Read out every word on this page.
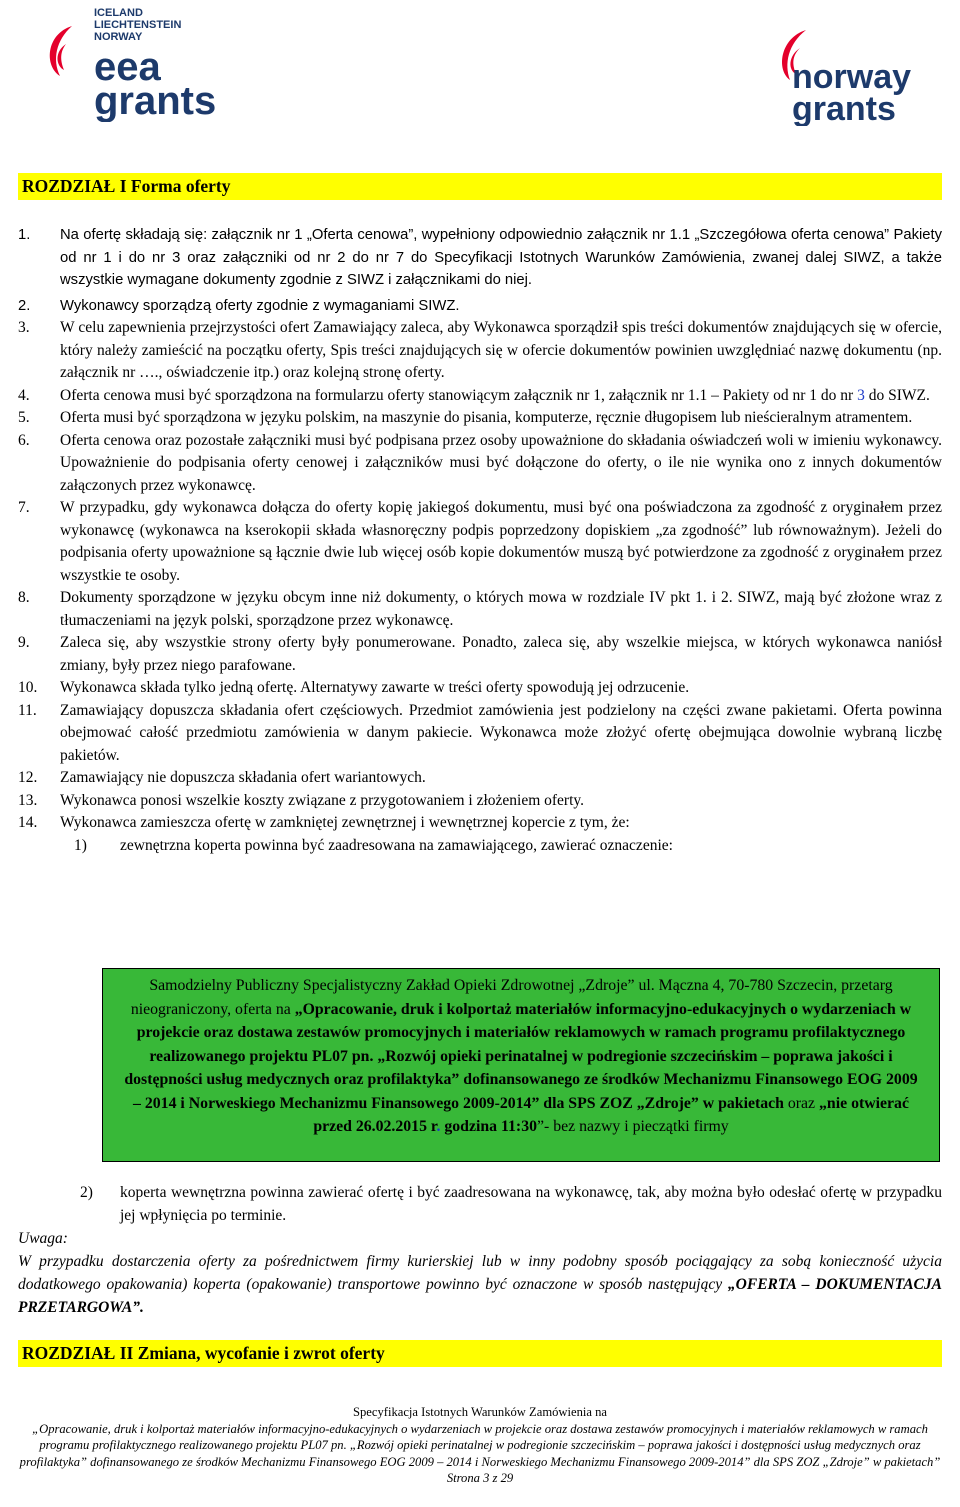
ICELAND
LIECHTENSTEIN
NORWAY
eea
grants
norway
grants
ROZDZIAŁ I Forma oferty
1. Na ofertę składają się: załącznik nr 1 „Oferta cenowa”, wypełniony odpowiednio załącznik nr 1.1 „Szczegółowa oferta cenowa” Pakiety od nr 1 i do nr 3 oraz załączniki od nr 2 do nr 7 do Specyfikacji Istotnych Warunków Zamówienia, zwanej dalej SIWZ, a także wszystkie wymagane dokumenty zgodnie z SIWZ i załącznikami do niej.
2. Wykonawcy sporządzą oferty zgodnie z wymaganiami SIWZ.
3. W celu zapewnienia przejrzystości ofert Zamawiający zaleca, aby Wykonawca sporządził spis treści dokumentów znajdujących się w ofercie, który należy zamieścić na początku oferty, Spis treści znajdujących się w ofercie dokumentów powinien uwzględniać nazwę dokumentu (np. załącznik nr …., oświadczenie itp.) oraz kolejną stronę oferty.
4. Oferta cenowa musi być sporządzona na formularzu oferty stanowiącym załącznik nr 1, załącznik nr 1.1 – Pakiety od nr 1 do nr 3 do SIWZ.
5. Oferta musi być sporządzona w języku polskim, na maszynie do pisania, komputerze, ręcznie długopisem lub nieścieralnym atramentem.
6. Oferta cenowa oraz pozostałe załączniki musi być podpisana przez osoby upoważnione do składania oświadczeń woli w imieniu wykonawcy. Upoważnienie do podpisania oferty cenowej i załączników musi być dołączone do oferty, o ile nie wynika ono z innych dokumentów załączonych przez wykonawcę.
7. W przypadku, gdy wykonawca dołącza do oferty kopię jakiegoś dokumentu, musi być ona poświadczona za zgodność z oryginałem przez wykonawcę (wykonawca na kserokopii składa własnoręczny podpis poprzedzony dopiskiem „za zgodność” lub równoważnym). Jeżeli do podpisania oferty upoważnione są łącznie dwie lub więcej osób kopie dokumentów muszą być potwierdzone za zgodność z oryginałem przez wszystkie te osoby.
8. Dokumenty sporządzone w języku obcym inne niż dokumenty, o których mowa w rozdziale IV pkt 1. i 2. SIWZ, mają być złożone wraz z tłumaczeniami na język polski, sporządzone przez wykonawcę.
9. Zaleca się, aby wszystkie strony oferty były ponumerowane. Ponadto, zaleca się, aby wszelkie miejsca, w których wykonawca naniósł zmiany, były przez niego parafowane.
10. Wykonawca składa tylko jedną ofertę. Alternatywy zawarte w treści oferty spowodują jej odrzucenie.
11. Zamawiający dopuszcza składania ofert częściowych. Przedmiot zamówienia jest podzielony na części zwane pakietami. Oferta powinna obejmować całość przedmiotu zamówienia w danym pakiecie. Wykonawca może złożyć ofertę obejmująca dowolnie wybraną liczbę pakietów.
12. Zamawiający nie dopuszcza składania ofert wariantowych.
13. Wykonawca ponosi wszelkie koszty związane z przygotowaniem i złożeniem oferty.
14. Wykonawca zamieszcza ofertę w zamkniętej zewnętrznej i wewnętrznej kopercie z tym, że:
1) zewnętrzna koperta powinna być zaadresowana na zamawiającego, zawierać oznaczenie:
Samodzielny Publiczny Specjalistyczny Zakład Opieki Zdrowotnej „Zdroje” ul. Mączna 4, 70-780 Szczecin, przetarg nieograniczony, oferta na „Opracowanie, druk i kolportaż materiałów informacyjno-edukacyjnych o wydarzeniach w projekcie oraz dostawa zestawów promocyjnych i materiałów reklamowych w ramach programu profilaktycznego realizowanego projektu PL07 pn. „Rozwój opieki perinatalnej w podregionie szczecińskim – poprawa jakości i dostępności usług medycznych oraz profilaktyka” dofinansowanego ze środków Mechanizmu Finansowego EOG 2009 – 2014 i Norweskiego Mechanizmu Finansowego 2009-2014” dla SPS ZOZ „Zdroje” w pakietach oraz „nie otwierać przed 26.02.2015 r. godzina 11:30”- bez nazwy i pieczątki firmy
2)	koperta wewnętrzna powinna zawierać ofertę i być zaadresowana na wykonawcę, tak, aby można było odesłać ofertę w przypadku jej wpłynięcia po terminie.
Uwaga:
W przypadku dostarczenia oferty za pośrednictwem firmy kurierskiej lub w inny podobny sposób pociągający za sobą konieczność użycia dodatkowego opakowania) koperta (opakowanie) transportowe powinno być oznaczone w sposób następujący „OFERTA – DOKUMENTACJA PRZETARGOWA”.
ROZDZIAŁ II Zmiana, wycofanie i zwrot oferty
Specyfikacja Istotnych Warunków Zamówienia na
„Opracowanie, druk i kolportaż materiałów informacyjno-edukacyjnych o wydarzeniach w projekcie oraz dostawa zestawów promocyjnych i materiałów reklamowych w ramach programu profilaktycznego realizowanego projektu PL07 pn. „Rozwój opieki perinatalnej w podregionie szczecińskim – poprawa jakości i dostępności usług medycznych oraz profilaktyka” dofinansowanego ze środków Mechanizmu Finansowego EOG 2009 – 2014 i Norweskiego Mechanizmu Finansowego 2009-2014” dla SPS ZOZ „Zdroje” w pakietach”
Strona 3 z 29
